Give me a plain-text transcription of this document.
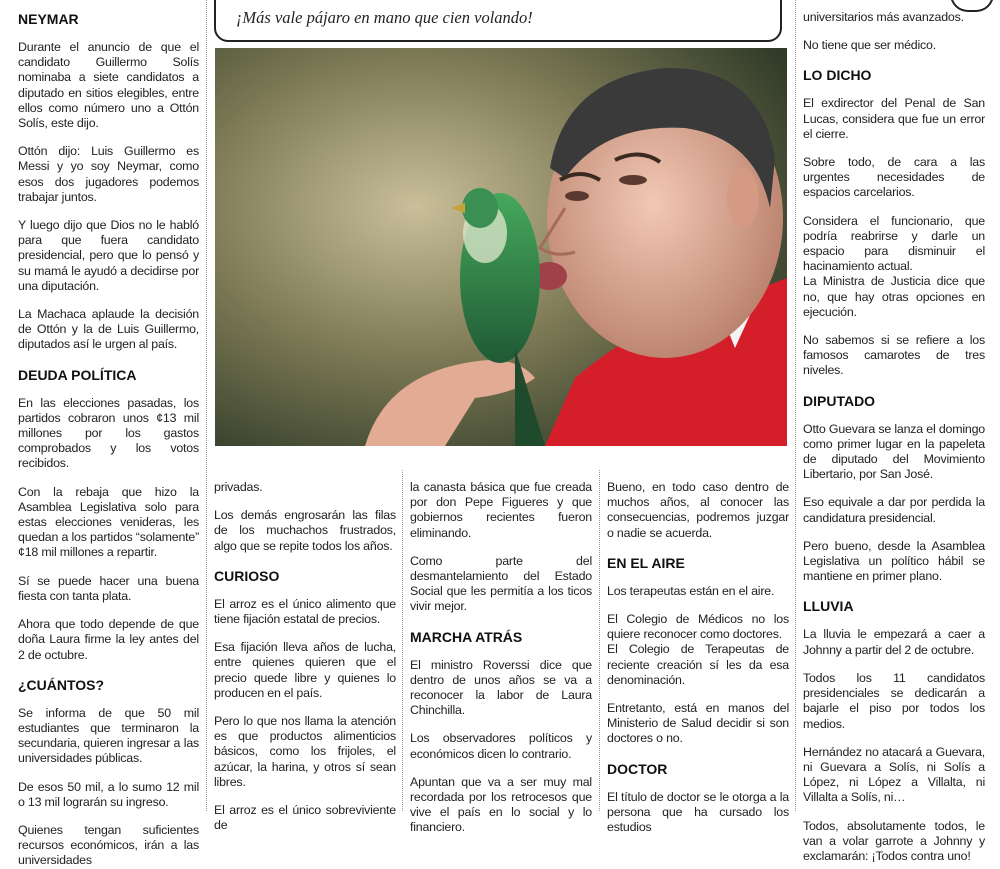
¡Más vale pájaro en mano que cien volando!
NEYMAR

Durante el anuncio de que el candidato Guillermo Solís nominaba a siete candidatos a diputado en sitios elegibles, entre ellos como número uno a Ottón Solís, este dijo.

Ottón dijo: Luis Guillermo es Messi y yo soy Neymar, como esos dos jugadores podemos trabajar juntos.

Y luego dijo que Dios no le habló para que fuera candidato presidencial, pero que lo pensó y su mamá le ayudó a decidirse por una diputación.

La Machaca aplaude la decisión de Ottón y la de Luis Guillermo, diputados así le urgen al país.

DEUDA POLÍTICA

En las elecciones pasadas, los partidos cobraron unos ¢13 mil millones por los gastos comprobados y los votos recibidos.

Con la rebaja que hizo la Asamblea Legislativa solo para estas elecciones venideras, les quedan a los partidos “solamente” ¢18 mil millones a repartir.

Sí se puede hacer una buena fiesta con tanta plata.

Ahora que todo depende de que doña Laura firme la ley antes del 2 de octubre.

¿CUÁNTOS?

Se informa de que 50 mil estudiantes que terminaron la secundaria, quieren ingresar a las universidades públicas.

De esos 50 mil, a lo sumo 12 mil o 13 mil lograrán su ingreso.

Quienes tengan suficientes recursos económicos, irán a las universidades

privadas.

Los demás engrosarán las filas de los muchachos frustrados, algo que se repite todos los años.

CURIOSO

El arroz es el único alimento que tiene fijación estatal de precios.

Esa fijación lleva años de lucha, entre quienes quieren que el precio quede libre y quienes lo producen en el país.

Pero lo que nos llama la atención es que productos alimenticios básicos, como los frijoles, el azúcar, la harina, y otros sí sean libres.

El arroz es el único sobreviviente de

la canasta básica que fue creada por don Pepe Figueres y que gobiernos recientes fueron eliminando.

Como parte del desmantelamiento del Estado Social que les permitía a los ticos vivir mejor.

MARCHA ATRÁS

El ministro Roverssi dice que dentro de unos años se va a reconocer la labor de Laura Chinchilla.

Los observadores políticos y económicos dicen lo contrario.

Apuntan que va a ser muy mal recordada por los retrocesos que vive el país en lo social y lo financiero.

Bueno, en todo caso dentro de muchos años, al conocer las consecuencias, podremos juzgar o nadie se acuerda.

EN EL AIRE

Los terapeutas están en el aire.

El Colegio de Médicos no los quiere reconocer como doctores.

El Colegio de Terapeutas de reciente creación sí les da esa denominación.

Entretanto, está en manos del Ministerio de Salud decidir si son doctores o no.

DOCTOR

El título de doctor se le otorga a la persona que ha cursado los estudios

universitarios más avanzados.

No tiene que ser médico.

LO DICHO

El exdirector del Penal de San Lucas, considera que fue un error el cierre.

Sobre todo, de cara a las urgentes necesidades de espacios carcelarios.

Considera el funcionario, que podría reabrirse y darle un espacio para disminuir el hacinamiento actual.

La Ministra de Justicia dice que no, que hay otras opciones en ejecución.

No sabemos si se refiere a los famosos camarotes de tres niveles.

DIPUTADO

Otto Guevara se lanza el domingo como primer lugar en la papeleta de diputado del Movimiento Libertario, por San José.

Eso equivale a dar por perdida la candidatura presidencial.

Pero bueno, desde la Asamblea Legislativa un político hábil se mantiene en primer plano.

LLUVIA

La lluvia le empezará a caer a Johnny a partir del 2 de octubre.

Todos los 11 candidatos presidenciales se dedicarán a bajarle el piso por todos los medios.

Hernández no atacará a Guevara, ni Guevara a Solís, ni Solís a López, ni López a Villalta, ni Villalta a Solís, ni…

Todos, absolutamente todos, le van a volar garrote a Johnny y exclamarán: ¡Todos contra uno!
